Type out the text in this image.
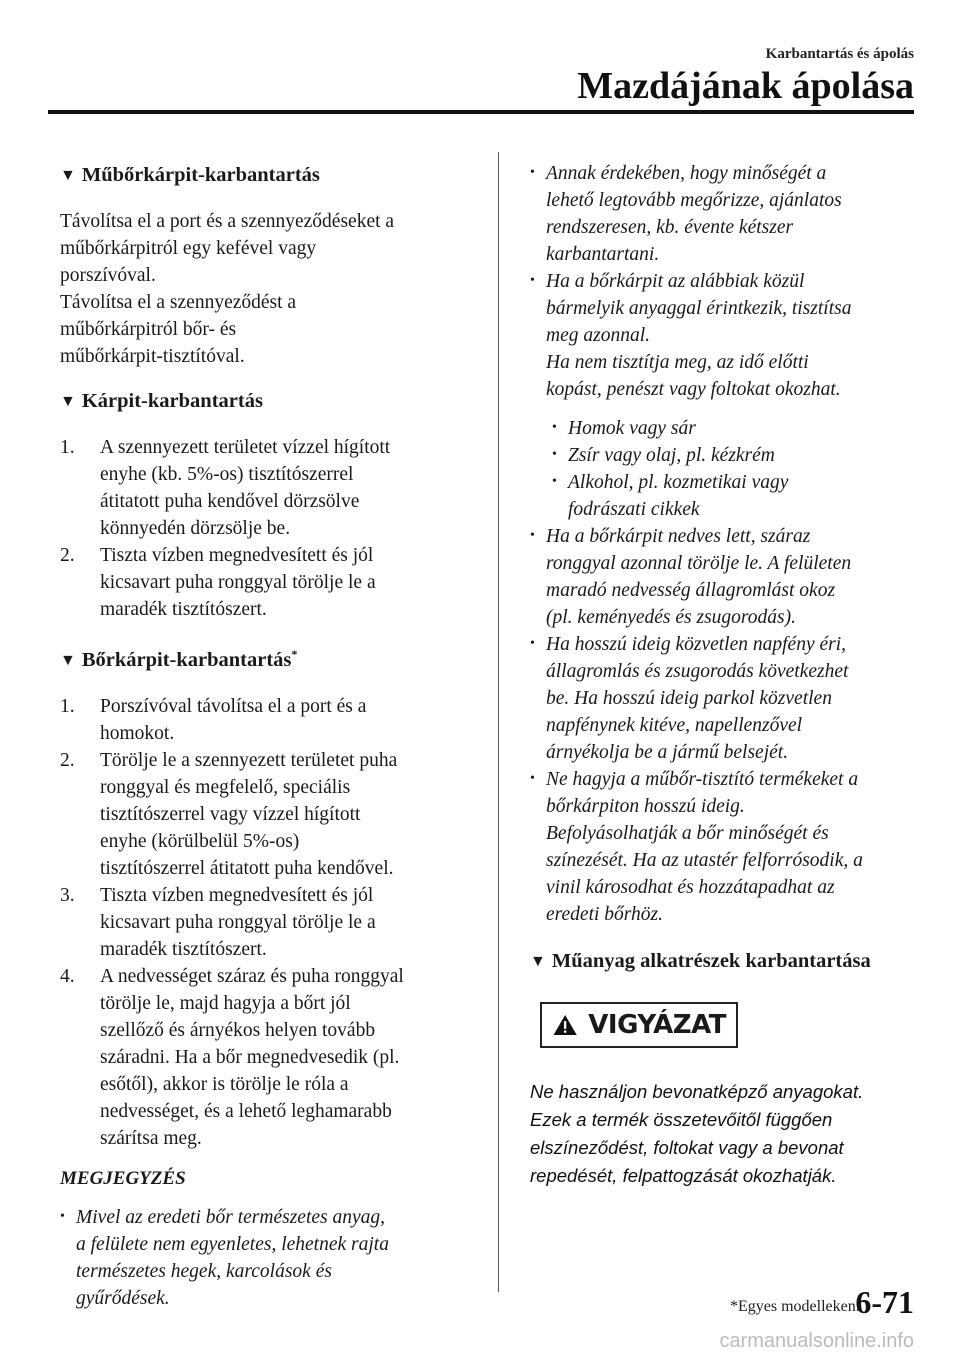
Karbantartás és ápolás
Mazdájának ápolása
▼ Műbőrkárpit-karbantartás
Távolítsa el a port és a szennyeződéseket a
műbőrkárpitról egy kefével vagy
porszívóval.
Távolítsa el a szennyeződést a
műbőrkárpitról bőr- és
műbőrkárpit-tisztítóval.
▼ Kárpit-karbantartás
1.	A szennyezett területet vízzel hígított
enyhe (kb. 5%-os) tisztítószerrel
átitatott puha kendővel dörzsölve
könnyedén dörzsölje be.
2.	Tiszta vízben megnedvesített és jól
kicsavart puha ronggyal törölje le a
maradék tisztítószert.
▼ Bőrkárpit-karbantartás*
1.	Porszívóval távolítsa el a port és a
homokot.
2.	Törölje le a szennyezett területet puha
ronggyal és megfelelő, speciális
tisztítószerrel vagy vízzel hígított
enyhe (körülbelül 5%-os)
tisztítószerrel átitatott puha kendővel.
3.	Tiszta vízben megnedvesített és jól
kicsavart puha ronggyal törölje le a
maradék tisztítószert.
4.	A nedvességet száraz és puha ronggyal
törölje le, majd hagyja a bőrt jól
szellőző és árnyékos helyen tovább
száradni. Ha a bőr megnedvesedik (pl.
esőtől), akkor is törölje le róla a
nedvességet, és a lehető leghamarabb
szárítsa meg.
MEGJEGYZÉS
• Mivel az eredeti bőr természetes anyag,
a felülete nem egyenletes, lehetnek rajta
természetes hegek, karcolások és
gyűrődések.
• Annak érdekében, hogy minőségét a
lehető legtovább megőrizze, ajánlatos
rendszeresen, kb. évente kétszer
karbantartani.
• Ha a bőrkárpit az alábbiak közül
bármelyik anyaggal érintkezik, tisztítsa
meg azonnal.
Ha nem tisztítja meg, az idő előtti
kopást, penészt vagy foltokat okozhat.
• Homok vagy sár
• Zsír vagy olaj, pl. kézkrém
• Alkohol, pl. kozmetikai vagy
fodrászati cikkek
• Ha a bőrkárpit nedves lett, száraz
ronggyal azonnal törölje le. A felületen
maradó nedvesség állagromlást okoz
(pl. keményedés és zsugorodás).
• Ha hosszú ideig közvetlen napfény éri,
állagromlás és zsugorodás következhet
be. Ha hosszú ideig parkol közvetlen
napfénynek kitéve, napellenzővel
árnyékolja be a jármű belsejét.
• Ne hagyja a műbőr-tisztító termékeket a
bőrkárpiton hosszú ideig.
Befolyásolhatják a bőr minőségét és
színezését. Ha az utastér felforrósodik, a
vinil károsodhat és hozzátapadhat az
eredeti bőrhöz.
▼ Műanyag alkatrészek karbantartása
VIGYÁZAT
Ne használjon bevonatképző anyagokat.
Ezek a termék összetevőitől függően
elszíneződést, foltokat vagy a bevonat
repedését, felpattogzását okozhatják.
*Egyes modelleken.
6-71
carmanualsonline.info
